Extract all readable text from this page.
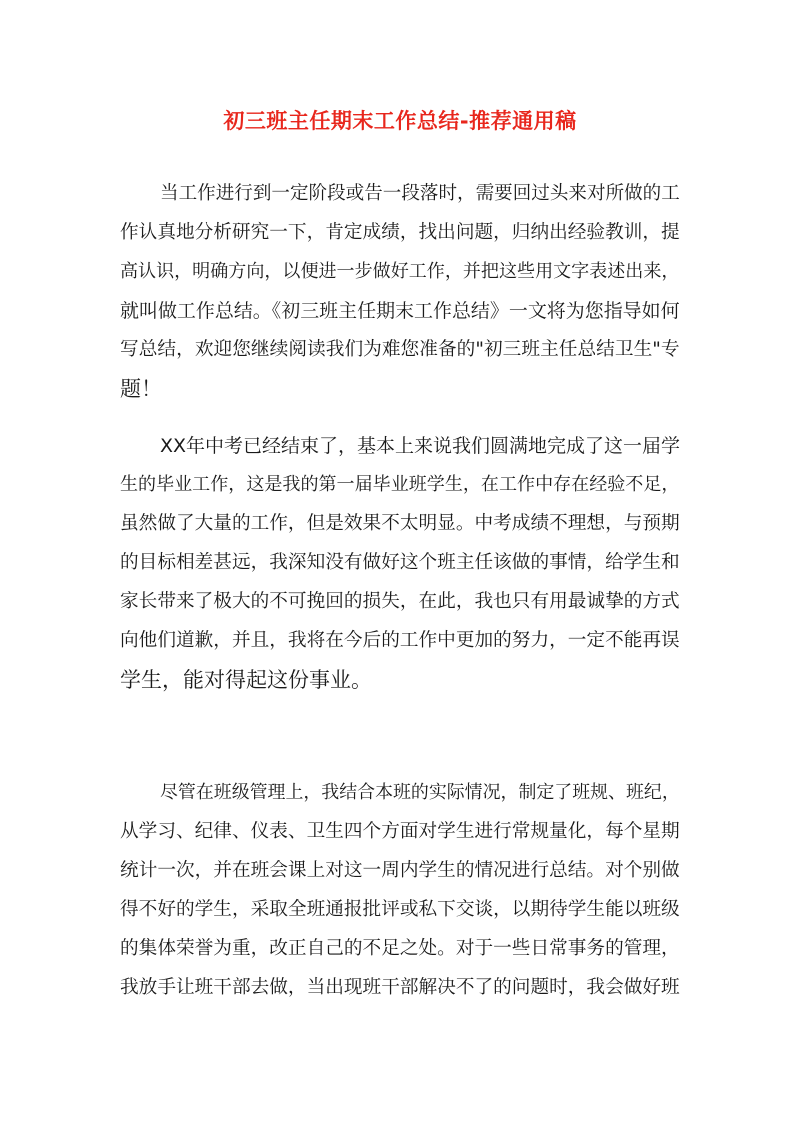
初三班主任期末工作总结-推荐通用稿
当工作进行到一定阶段或告一段落时，需要回过头来对所做的工
作认真地分析研究一下，肯定成绩，找出问题，归纳出经验教训，提
高认识，明确方向，以便进一步做好工作，并把这些用文字表述出来，
就叫做工作总结。《初三班主任期末工作总结》一文将为您指导如何
写总结，欢迎您继续阅读我们为难您准备的"初三班主任总结卫生"专
题！
XX年中考已经结束了，基本上来说我们圆满地完成了这一届学
生的毕业工作，这是我的第一届毕业班学生，在工作中存在经验不足，
虽然做了大量的工作，但是效果不太明显。中考成绩不理想，与预期
的目标相差甚远，我深知没有做好这个班主任该做的事情，给学生和
家长带来了极大的不可挽回的损失，在此，我也只有用最诚挚的方式
向他们道歉，并且，我将在今后的工作中更加的努力，一定不能再误
学生，能对得起这份事业。
尽管在班级管理上，我结合本班的实际情况，制定了班规、班纪，
从学习、纪律、仪表、卫生四个方面对学生进行常规量化，每个星期
统计一次，并在班会课上对这一周内学生的情况进行总结。对个别做
得不好的学生，采取全班通报批评或私下交谈，以期待学生能以班级
的集体荣誉为重，改正自己的不足之处。对于一些日常事务的管理，
我放手让班干部去做，当出现班干部解决不了的问题时，我会做好班
